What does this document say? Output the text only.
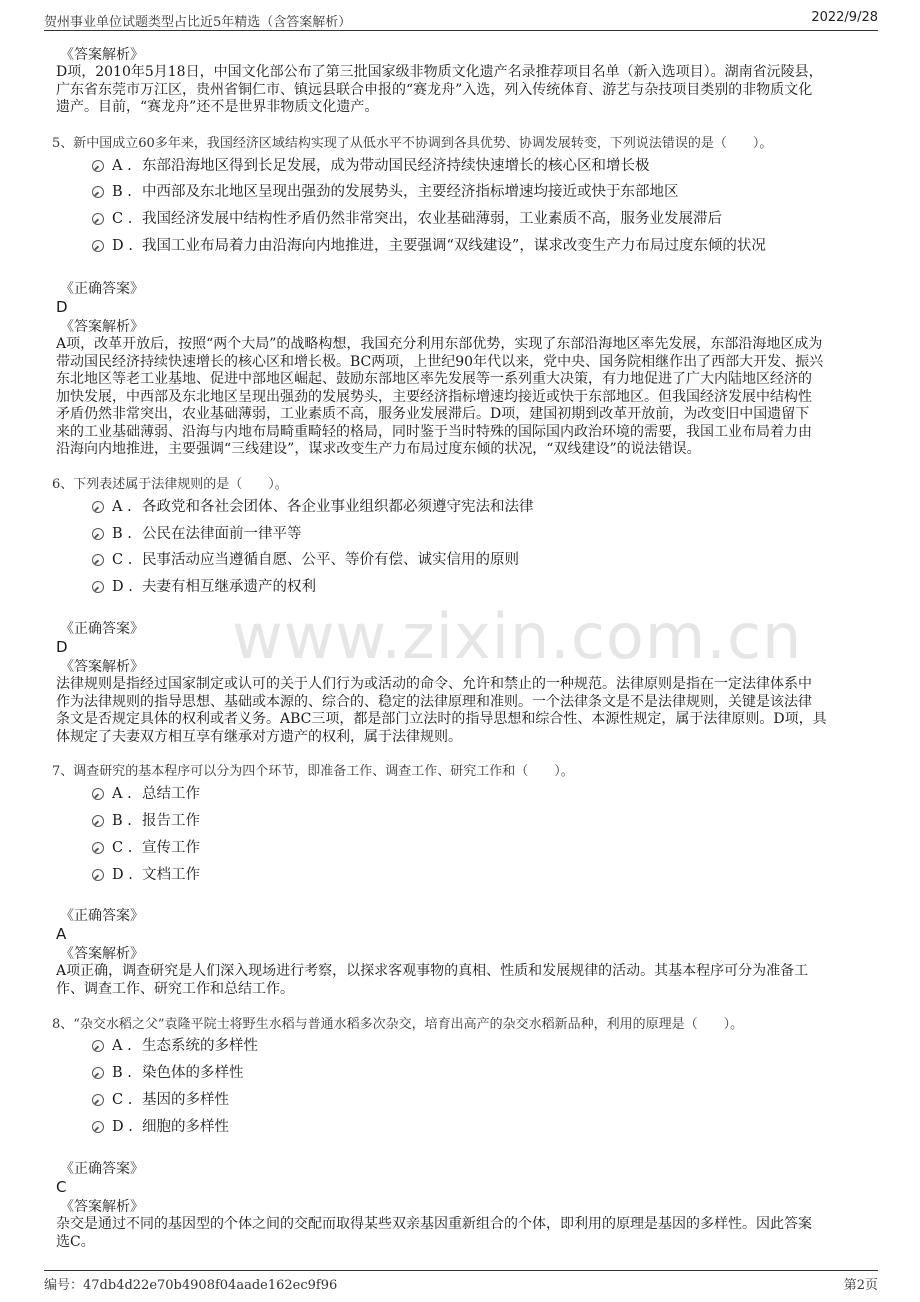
贺州事业单位试题类型占比近5年精选（含答案解析）	2022/9/28
www.zixin.com.cn
《答案解析》
D项，2010年5月18日，中国文化部公布了第三批国家级非物质文化遗产名录推荐项目名单（新入选项目）。湖南省沅陵县，
广东省东莞市万江区，贵州省铜仁市、镇远县联合申报的“赛龙舟”入选，列入传统体育、游艺与杂技项目类别的非物质文化
遗产。目前，“赛龙舟”还不是世界非物质文化遗产。
5、新中国成立60多年来，我国经济区域结构实现了从低水平不协调到各具优势、协调发展转变，下列说法错误的是（　　）。
A . 东部沿海地区得到长足发展，成为带动国民经济持续快速增长的核心区和增长极
B . 中西部及东北地区呈现出强劲的发展势头，主要经济指标增速均接近或快于东部地区
C . 我国经济发展中结构性矛盾仍然非常突出，农业基础薄弱，工业素质不高，服务业发展滞后
D . 我国工业布局着力由沿海向内地推进，主要强调“双线建设”，谋求改变生产力布局过度东倾的状况
《正确答案》
D
《答案解析》
A项，改革开放后，按照“两个大局”的战略构想，我国充分利用东部优势，实现了东部沿海地区率先发展，东部沿海地区成为
带动国民经济持续快速增长的核心区和增长极。BC两项，上世纪90年代以来，党中央、国务院相继作出了西部大开发、振兴
东北地区等老工业基地、促进中部地区崛起、鼓励东部地区率先发展等一系列重大决策，有力地促进了广大内陆地区经济的
加快发展，中西部及东北地区呈现出强劲的发展势头，主要经济指标增速均接近或快于东部地区。但我国经济发展中结构性
矛盾仍然非常突出，农业基础薄弱，工业素质不高，服务业发展滞后。D项，建国初期到改革开放前，为改变旧中国遗留下
来的工业基础薄弱、沿海与内地布局畸重畸轻的格局，同时鉴于当时特殊的国际国内政治环境的需要，我国工业布局着力由
沿海向内地推进，主要强调“三线建设”，谋求改变生产力布局过度东倾的状况，“双线建设”的说法错误。
6、下列表述属于法律规则的是（　　）。
A . 各政党和各社会团体、各企业事业组织都必须遵守宪法和法律
B . 公民在法律面前一律平等
C . 民事活动应当遵循自愿、公平、等价有偿、诚实信用的原则
D . 夫妻有相互继承遗产的权利
《正确答案》
D
《答案解析》
法律规则是指经过国家制定或认可的关于人们行为或活动的命令、允许和禁止的一种规范。法律原则是指在一定法律体系中
作为法律规则的指导思想、基础或本源的、综合的、稳定的法律原理和准则。一个法律条文是不是法律规则，关键是该法律
条文是否规定具体的权利或者义务。ABC三项，都是部门立法时的指导思想和综合性、本源性规定，属于法律原则。D项，具
体规定了夫妻双方相互享有继承对方遗产的权利，属于法律规则。
7、调查研究的基本程序可以分为四个环节，即准备工作、调查工作、研究工作和（　　）。
A . 总结工作
B . 报告工作
C . 宣传工作
D . 文档工作
《正确答案》
A
《答案解析》
A项正确，调查研究是人们深入现场进行考察，以探求客观事物的真相、性质和发展规律的活动。其基本程序可分为准备工
作、调查工作、研究工作和总结工作。
8、“杂交水稻之父”袁隆平院士将野生水稻与普通水稻多次杂交，培育出高产的杂交水稻新品种，利用的原理是（　　）。
A . 生态系统的多样性
B . 染色体的多样性
C . 基因的多样性
D . 细胞的多样性
《正确答案》
C
《答案解析》
杂交是通过不同的基因型的个体之间的交配而取得某些双亲基因重新组合的个体，即利用的原理是基因的多样性。因此答案
选C。
编号：47db4d22e70b4908f04aade162ec9f96	第2页
